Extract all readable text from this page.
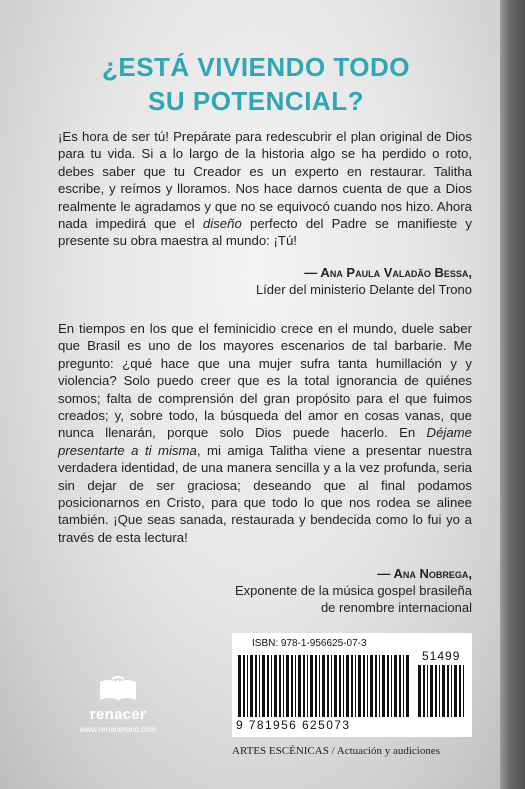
¿ESTÁ VIVIENDO TODO
SU POTENCIAL?

¡Es hora de ser tú! Prepárate para redescubrir el plan original de Dios para tu vida. Si a lo largo de la historia algo se ha perdido o roto, debes saber que tu Creador es un experto en restaurar. Talitha escribe, y reímos y lloramos. Nos hace darnos cuenta de que a Dios realmente le agradamos y que no se equivocó cuando nos hizo. Ahora nada impedirá que el diseño perfecto del Padre se manifieste y presente su obra maestra al mundo: ¡Tú!

— Ana Paula Valadão Bessa,
Líder del ministerio Delante del Trono

En tiempos en los que el feminicidio crece en el mundo, duele saber que Brasil es uno de los mayores escenarios de tal barbarie. Me pregunto: ¿qué hace que una mujer sufra tanta humillación y y violencia? Solo puedo creer que es la total ignorancia de quiénes somos; falta de comprensión del gran propósito para el que fuimos creados; y, sobre todo, la búsqueda del amor en cosas vanas, que nunca llenarán, porque solo Dios puede hacerlo. En Déjame presentarte a ti misma, mi amiga Talitha viene a presentar nuestra verdadera identidad, de una manera sencilla y a la vez profunda, seria sin dejar de ser graciosa; deseando que al final podamos posicionarnos en Cristo, para que todo lo que nos rodea se alinee también. ¡Que seas sanada, restaurada y bendecida como lo fui yo a través de esta lectura!

— Ana Nobrega,
Exponente de la música gospel brasileña
de renombre internacional
renacer
www.renaceruno.com
ISBN: 978-1-956625-07-3
51499
9 781956 625073
ARTES ESCÉNICAS / Actuación y audiciones
